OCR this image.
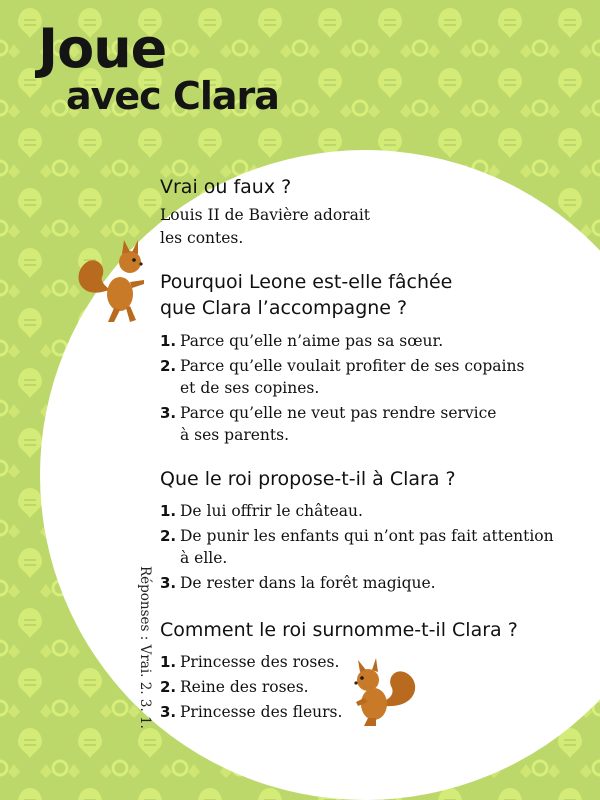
Joue
avec Clara
Vrai ou faux ?

Louis II de Bavière adorait

les contes.

Pourquoi Leone est-elle fâchée
que Clara l’accompagne ?
1. Parce qu’elle n’aime pas sa sœur.
2. Parce qu’elle voulait profiter de ses copains
et de ses copines.
3. Parce qu’elle ne veut pas rendre service
à ses parents.
Que le roi propose-t-il à Clara ?
1. De lui offrir le château.
2. De punir les enfants qui n’ont pas fait attention
à elle.
3. De rester dans la forêt magique.
Comment le roi surnomme-t-il Clara ?
1. Princesse des roses.
2. Reine des roses.
3. Princesse des fleurs.
Réponses : Vrai. 2. 3. 1.
